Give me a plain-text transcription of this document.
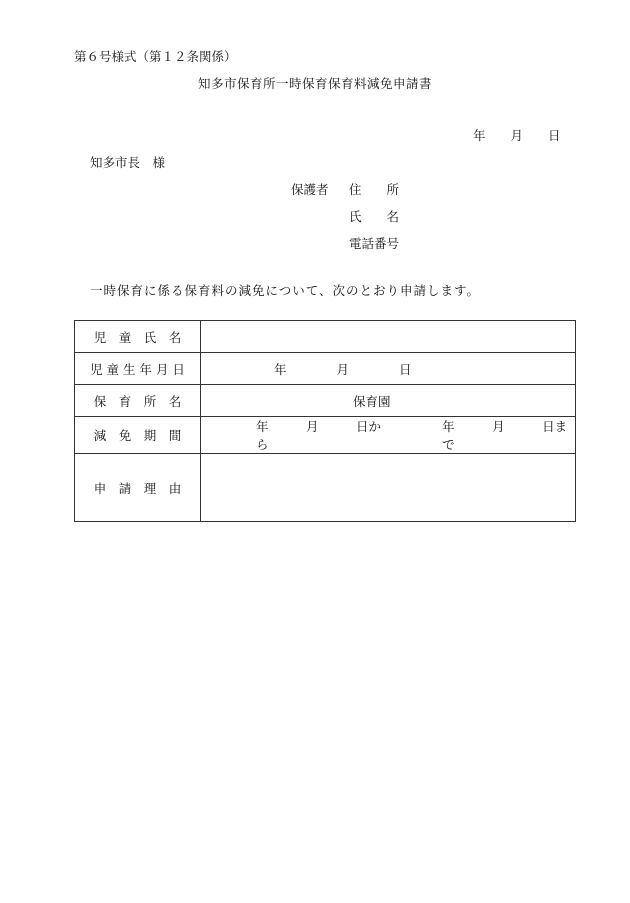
第６号様式（第１２条関係）
知多市保育所一時保育保育料減免申請書
年　　月　　日
知多市長　様
保護者 住　　所
氏　　名
電話番号
一時保育に係る保育料の減免について、次のとおり申請します。
児　童　氏　名	

児 童 生 年 月 日	年　　　　月　　　　日

保　育　所　名	保育園

減　免　期　間	年　　　月　　　日から
年　　　月　　　日まで

申　請　理　由	
